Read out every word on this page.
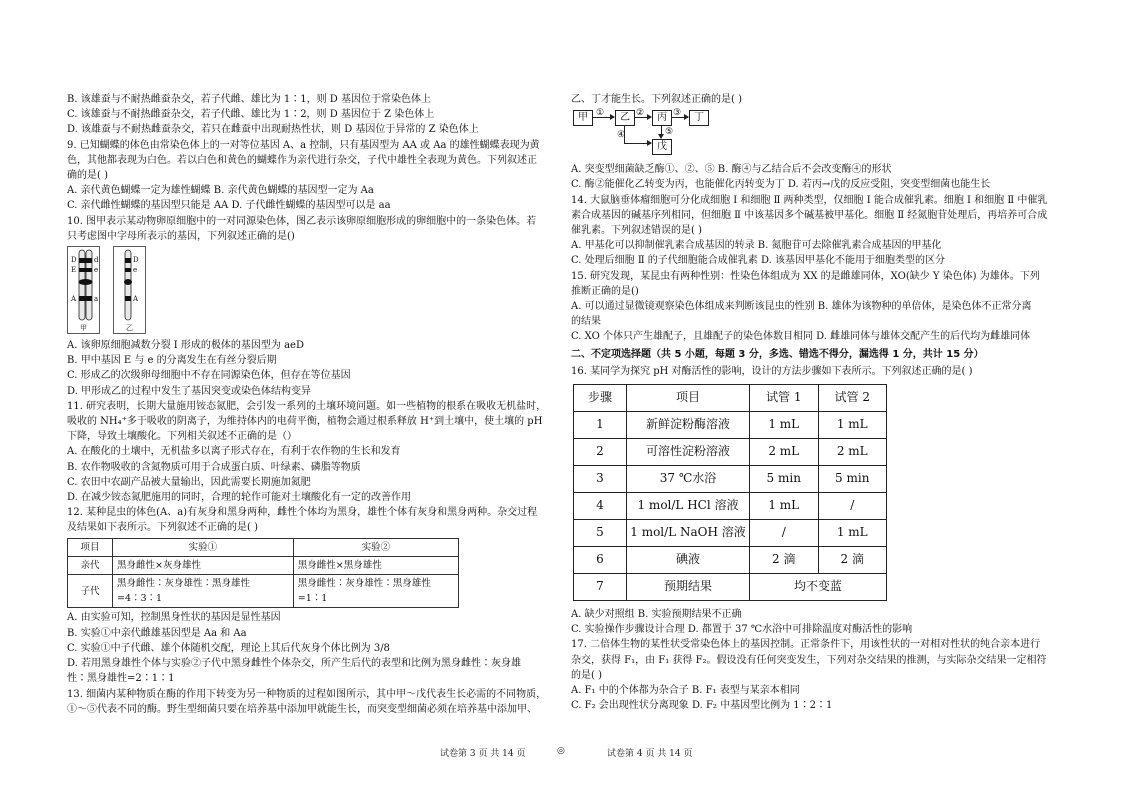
B. 该雄蚕与不耐热雌蚕杂交，若子代雌、雄比为 1∶1，则 D 基因位于常染色体上
C. 该雄蚕与不耐热雌蚕杂交，若子代雌、雄比为 1∶2，则 D 基因位于 Z 染色体上
D. 该雄蚕与不耐热雌蚕杂交，若只在雌蚕中出现耐热性状，则 D 基因位于异常的 Z 染色体上
9. 已知蝴蝶的体色由常染色体上的一对等位基因 A、a 控制，只有基因型为 AA 或 Aa 的雄性蝴蝶表现为黄
色，其他都表现为白色。若以白色和黄色的蝴蝶作为亲代进行杂交，子代中雄性全表现为黄色。下列叙述正
确的是( )
A. 亲代黄色蝴蝶一定为雄性蝴蝶 B. 亲代黄色蝴蝶的基因型一定为 Aa
C. 亲代雌性蝴蝶的基因型只能是 AA D. 子代雌性蝴蝶的基因型可以是 aa
10. 图甲表示某动物卵原细胞中的一对同源染色体，图乙表示该卵原细胞形成的卵细胞中的一条染色体。若
只考虑图中字母所表示的基因，下列叙述正确的是()
D
E
A
d
e
a
D
e
A
甲	乙
A. 该卵原细胞减数分裂 Ⅰ 形成的极体的基因型为 aeD
B. 甲中基因 E 与 e 的分离发生在有丝分裂后期
C. 形成乙的次级卵母细胞中不存在同源染色体，但存在等位基因
D. 甲形成乙的过程中发生了基因突变或染色体结构变异
11. 研究表明，长期大量施用铵态氮肥，会引发一系列的土壤环境问题。如一些植物的根系在吸收无机盐时，
吸收的 NH₄⁺多于吸收的阴离子，为维持体内的电荷平衡，植物会通过根系释放 H⁺到土壤中，使土壤的 pH
下降，导致土壤酸化。下列相关叙述不正确的是（）
A. 在酸化的土壤中，无机盐多以离子形式存在，有利于农作物的生长和发育
B. 农作物吸收的含氮物质可用于合成蛋白质、叶绿素、磷脂等物质
C. 农田中农副产品被大量输出，因此需要长期施加氮肥
D. 在减少铵态氮肥施用的同时，合理的轮作可能对土壤酸化有一定的改善作用
12. 某种昆虫的体色(A、a)有灰身和黑身两种，雌性个体均为黑身，雄性个体有灰身和黑身两种。杂交过程
及结果如下表所示。下列叙述不正确的是( )
项目	实验①	实验②
亲代	黑身雌性×灰身雄性	黑身雌性×黑身雄性
子代	黑身雌性∶灰身雄性∶黑身雄性=4∶3∶1	黑身雌性∶灰身雄性∶黑身雄性=1∶1
A. 由实验可知，控制黑身性状的基因是显性基因
B. 实验①中亲代雌雄基因型是 Aa 和 Aa
C. 实验①中子代雌、雄个体随机交配，理论上其后代灰身个体比例为 3/8
D. 若用黑身雄性个体与实验②子代中黑身雌性个体杂交，所产生后代的表型和比例为黑身雌性∶灰身雄
性∶黑身雄性=2∶1∶1
13. 细菌内某种物质在酶的作用下转变为另一种物质的过程如图所示，其中甲～戊代表生长必需的不同物质，
①～⑤代表不同的酶。野生型细菌只要在培养基中添加甲就能生长，而突变型细菌必须在培养基中添加甲、
乙、丁才能生长。下列叙述正确的是( )
甲 ①	乙 ②	丙 ③	丁
④	⑤
戊
A. 突变型细菌缺乏酶①、②、⑤ B. 酶④与乙结合后不会改变酶④的形状
C. 酶②能催化乙转变为丙，也能催化丙转变为丁 D. 若丙→戊的反应受阻，突变型细菌也能生长
14. 大鼠脑垂体瘤细胞可分化成细胞 Ⅰ 和细胞 Ⅱ 两种类型，仅细胞 Ⅰ 能合成催乳素。细胞 Ⅰ 和细胞 Ⅱ 中催乳
素合成基因的碱基序列相同，但细胞 Ⅱ 中该基因多个碱基被甲基化。细胞 Ⅱ 经氮胞苷处理后，再培养可合成
催乳素。下列叙述错误的是( )
A. 甲基化可以抑制催乳素合成基因的转录 B. 氮胞苷可去除催乳素合成基因的甲基化
C. 处理后细胞 Ⅱ 的子代细胞能合成催乳素 D. 该基因甲基化不能用于细胞类型的区分
15. 研究发现，某昆虫有两种性别：性染色体组成为 XX 的是雌雄同体，XO(缺少 Y 染色体) 为雄体。下列
推断正确的是()
A. 可以通过显微镜观察染色体组成来判断该昆虫的性别 B. 雄体为该物种的单倍体，是染色体不正常分离
的结果
C. XO 个体只产生雄配子，且雄配子的染色体数目相同 D. 雌雄同体与雄体交配产生的后代均为雌雄同体
二、不定项选择题（共 5 小题，每题 3 分，多选、错选不得分，漏选得 1 分，共计 15 分）
16. 某同学为探究 pH 对酶活性的影响，设计的方法步骤如下表所示。下列叙述正确的是( )
步骤	项目	试管 1	试管 2
1	新鲜淀粉酶溶液	1 mL	1 mL
2	可溶性淀粉溶液	2 mL	2 mL
3	37 ℃水浴	5 min	5 min
4	1 mol/L HCl 溶液	1 mL	/
5	1 mol/L NaOH 溶液	/	1 mL
6	碘液	2 滴	2 滴
7	预期结果	均不变蓝	
A. 缺少对照组 B. 实验预期结果不正确
C. 实验操作步骤设计合理 D. 都置于 37 ℃水浴中可排除温度对酶活性的影响
17. 二倍体生物的某性状受常染色体上的基因控制。正常条件下，用该性状的一对相对性状的纯合亲本进行
杂交，获得 F₁，由 F₁ 获得 F₂。假设没有任何突变发生，下列对杂交结果的推测，与实际杂交结果一定相符
的是( )
A. F₁ 中的个体都为杂合子 B. F₁ 表型与某亲本相同
C. F₂ 会出现性状分离现象 D. F₂ 中基因型比例为 1∶2∶1
试卷第 3 页 共 14 页	◎	试卷第 4 页 共 14 页
